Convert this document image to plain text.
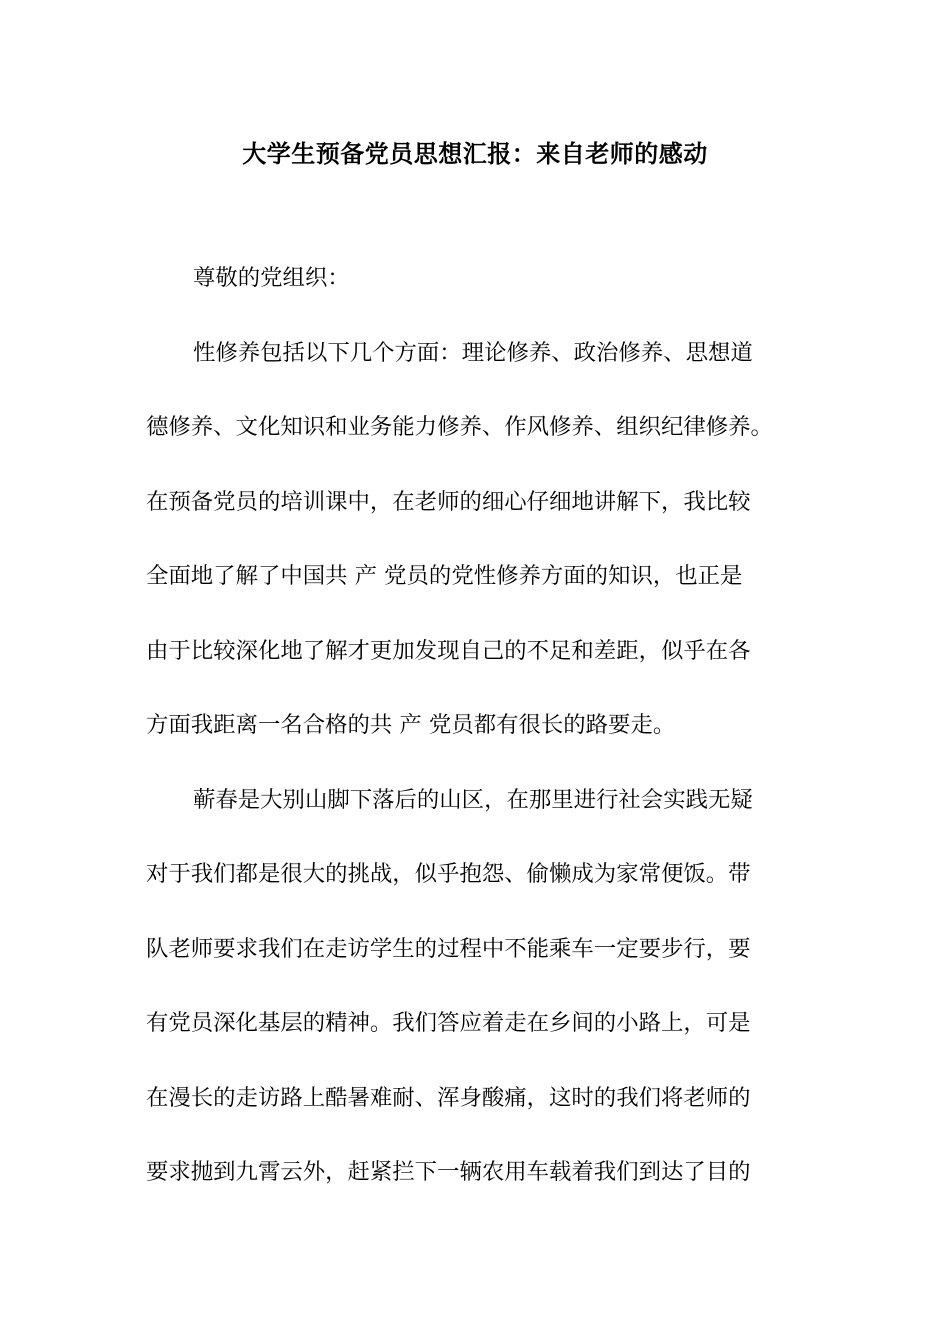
大学生预备党员思想汇报：来自老师的感动
尊敬的党组织：
性修养包括以下几个方面：理论修养、政治修养、思想道
德修养、文化知识和业务能力修养、作风修养、组织纪律修养。
在预备党员的培训课中，在老师的细心仔细地讲解下，我比较
全面地了解了中国共 产 党员的党性修养方面的知识，也正是
由于比较深化地了解才更加发现自己的不足和差距，似乎在各
方面我距离一名合格的共 产 党员都有很长的路要走。
蕲春是大别山脚下落后的山区，在那里进行社会实践无疑
对于我们都是很大的挑战，似乎抱怨、偷懒成为家常便饭。带
队老师要求我们在走访学生的过程中不能乘车一定要步行，要
有党员深化基层的精神。我们答应着走在乡间的小路上，可是
在漫长的走访路上酷暑难耐、浑身酸痛，这时的我们将老师的
要求抛到九霄云外，赶紧拦下一辆农用车载着我们到达了目的
